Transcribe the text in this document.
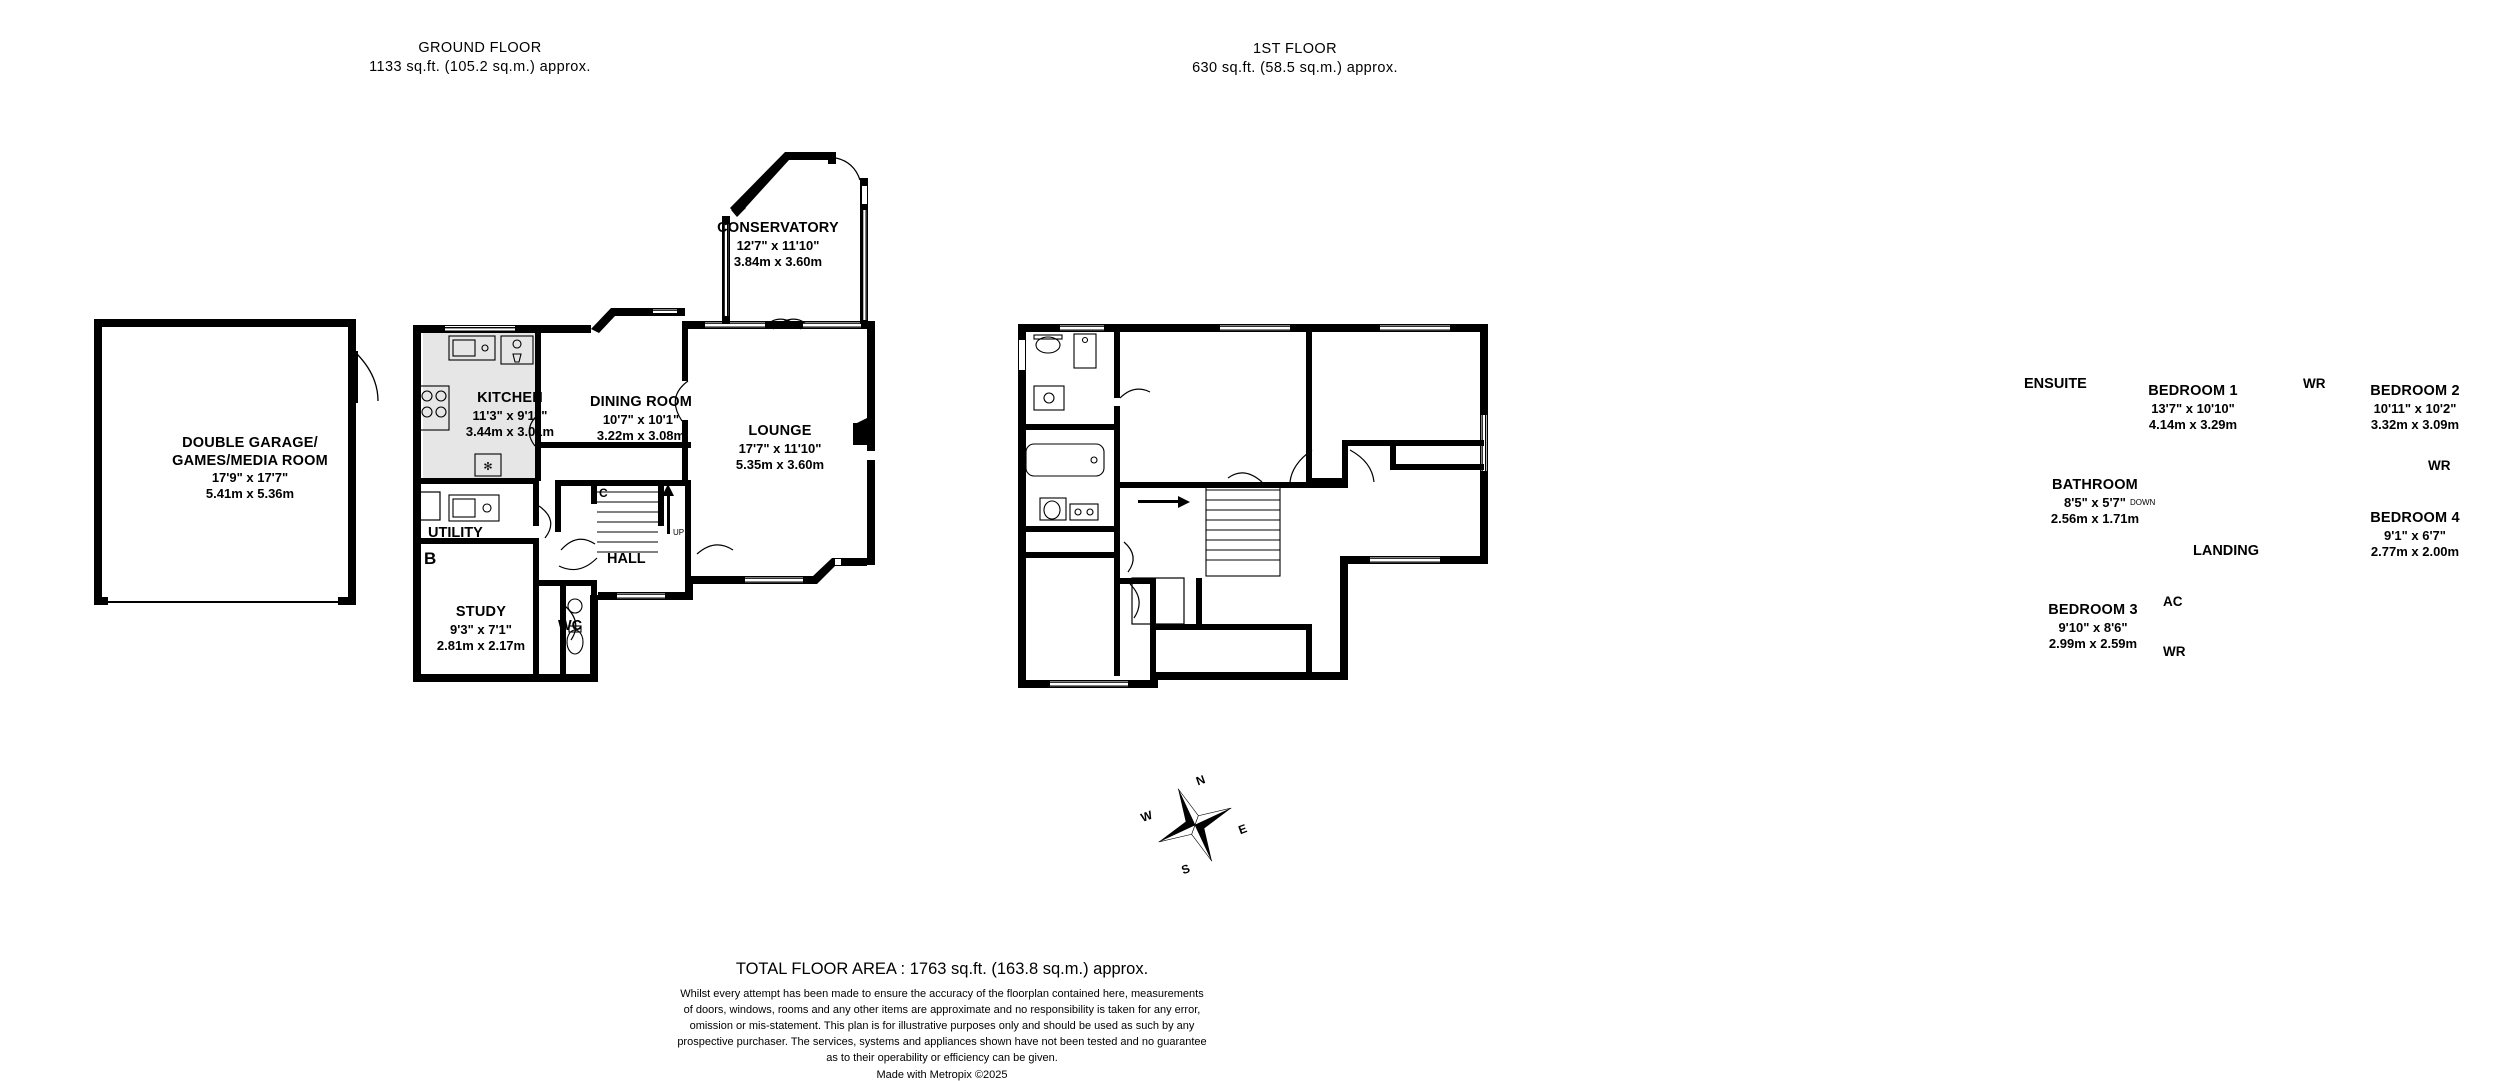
GROUND FLOOR
1133 sq.ft. (105.2 sq.m.) approx.
1ST FLOOR
630 sq.ft. (58.5 sq.m.) approx.
DOUBLE GARAGE/
GAMES/MEDIA ROOM
17'9" x 17'7"
5.41m x 5.36m
✻
CONSERVATORY
12'7" x 11'10"
3.84m x 3.60m
KITCHEN
11'3" x 9'11"
3.44m x 3.01m
DINING ROOM
10'7" x 10'1"
3.22m x 3.08m	LOUNGE
17'7" x 11'10"
5.35m x 3.60m
STUDY
9'3" x 7'1"
2.81m x 2.17m
UTILITY
HALL
WC
B
C
UP
BEDROOM 1
13'7" x 10'10"
4.14m x 3.29m
BEDROOM 2
10'11" x 10'2"
3.32m x 3.09m
BEDROOM 4
9'1" x 6'7"
2.77m x 2.00m
BEDROOM 3
9'10" x 8'6"
2.99m x 2.59m
BATHROOM
8'5" x 5'7"
2.56m x 1.71m
ENSUITE
LANDING
AC
WR
WR
WR
DOWN
N
S
E
W
TOTAL FLOOR AREA : 1763 sq.ft. (163.8 sq.m.) approx.
Whilst every attempt has been made to ensure the accuracy of the floorplan contained here, measurements
of doors, windows, rooms and any other items are approximate and no responsibility is taken for any error,
omission or mis-statement. This plan is for illustrative purposes only and should be used as such by any
prospective purchaser. The services, systems and appliances shown have not been tested and no guarantee
as to their operability or efficiency can be given.
Made with Metropix ©2025
